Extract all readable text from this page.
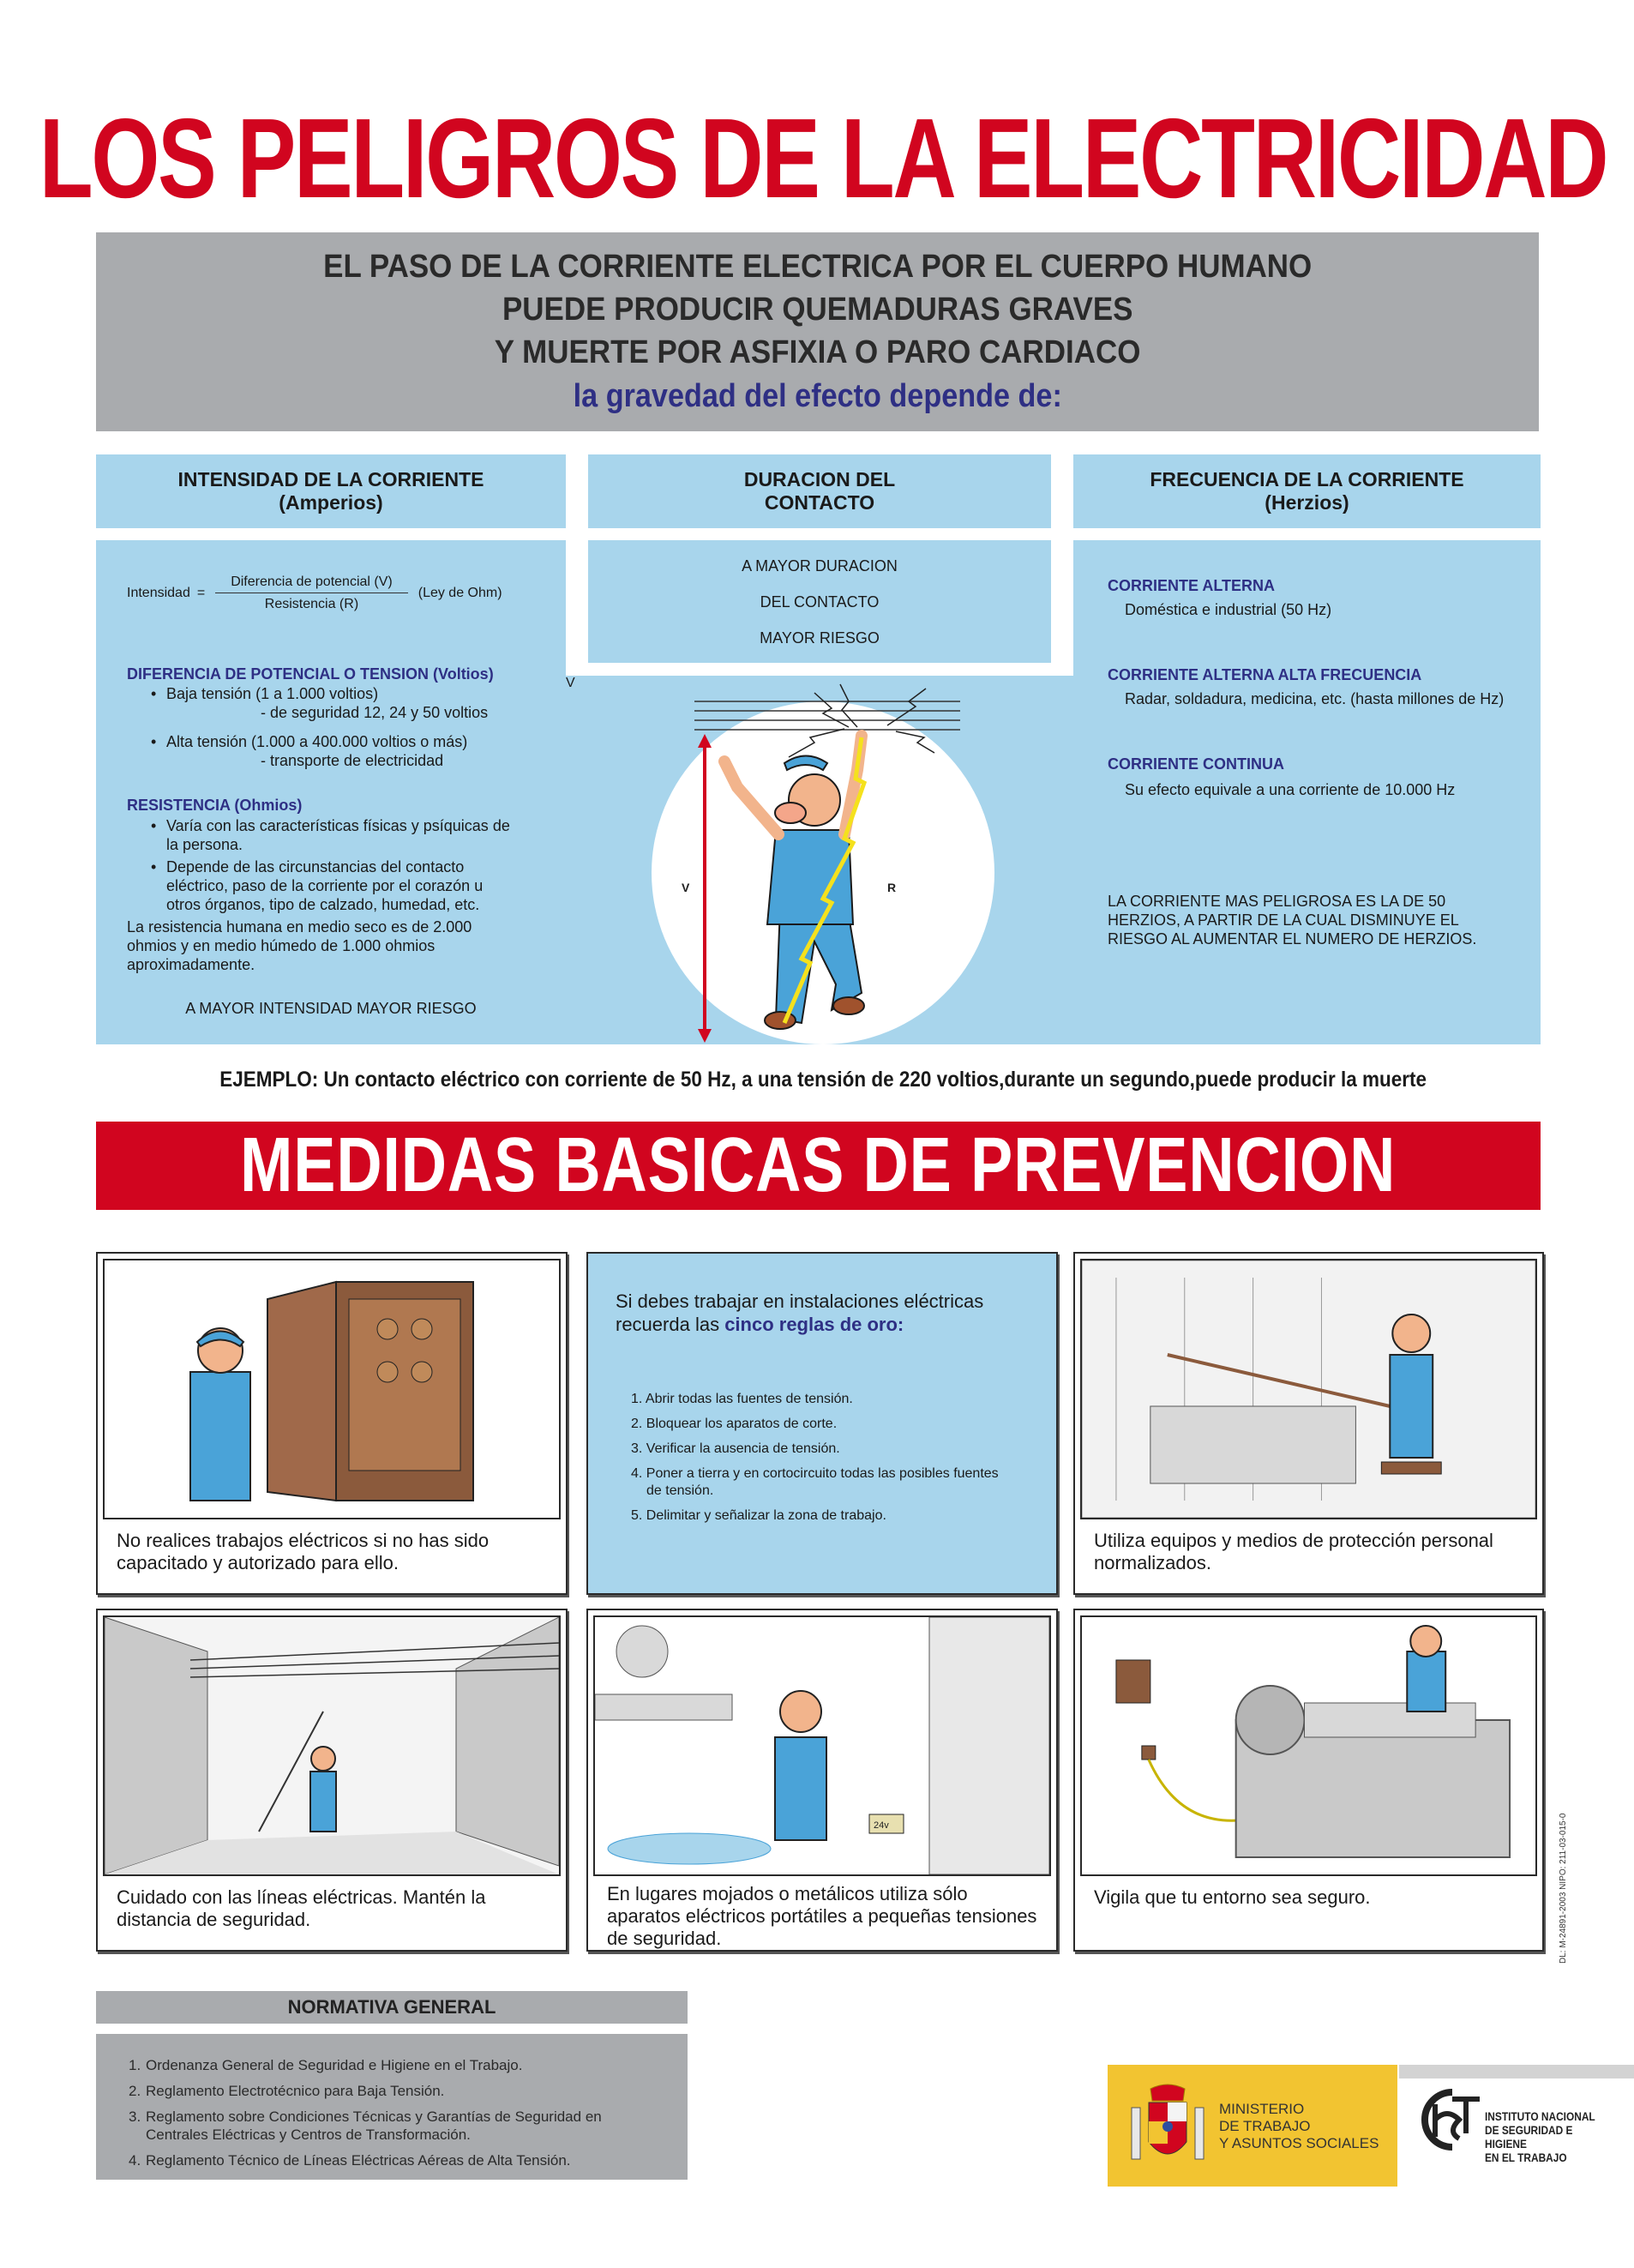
LOS PELIGROS DE LA ELECTRICIDAD
EL PASO DE LA CORRIENTE ELECTRICA POR EL CUERPO HUMANO
PUEDE PRODUCIR QUEMADURAS GRAVES
Y MUERTE POR ASFIXIA O PARO CARDIACO
la gravedad del efecto depende de:
INTENSIDAD DE LA CORRIENTE
(Amperios)
Intensidad = $\frac{\text{Diferencia de potencial (V)}}{\text{Resistencia (R)}} (Ley$ de Ohm)
DIFERENCIA DE POTENCIAL O TENSION (Voltios)
• Baja tensión (1 a 1.000 voltios)
- de seguridad 12, 24 y 50 voltios
• Alta tensión (1.000 a 400.000 voltios o más)
- transporte de electricidad
RESISTENCIA (Ohmios)
• Varía con las características físicas y psíquicas de la persona.
• Depende de las circunstancias del contacto eléctrico, paso de la corriente por el corazón u otros órganos, tipo de calzado, humedad, etc.
La resistencia humana en medio seco es de 2.000 ohmios y en medio húmedo de 1.000 ohmios aproximadamente.
A MAYOR INTENSIDAD MAYOR RIESGO
DURACION DEL
CONTACTO
A MAYOR DURACION
DEL CONTACTO
MAYOR RIESGO
V	R
V
FRECUENCIA DE LA CORRIENTE
(Herzios)
CORRIENTE ALTERNA
Doméstica e industrial (50 Hz)
CORRIENTE ALTERNA ALTA FRECUENCIA
Radar, soldadura, medicina, etc. (hasta millones de Hz)
CORRIENTE CONTINUA
Su efecto equivale a una corriente de 10.000 Hz
LA CORRIENTE MAS PELIGROSA ES LA DE 50 HERZIOS, A PARTIR DE LA CUAL DISMINUYE EL RIESGO AL AUMENTAR EL NUMERO DE HERZIOS.
EJEMPLO: Un contacto eléctrico con corriente de 50 Hz, a una tensión de 220 voltios,durante un segundo,puede producir la muerte
MEDIDAS BASICAS DE PREVENCION
No realices trabajos eléctricos si no has sido capacitado y autorizado para ello.
Si debes trabajar en instalaciones eléctricas recuerda las cinco reglas de oro:
1. Abrir todas las fuentes de tensión.
2. Bloquear los aparatos de corte.
3. Verificar la ausencia de tensión.
4. Poner a tierra y en cortocircuito todas las posibles fuentes de tensión.
5. Delimitar y señalizar la zona de trabajo.
Utiliza equipos y medios de protección personal normalizados.
Cuidado con las líneas eléctricas. Mantén la distancia de seguridad.
24v
En lugares mojados o metálicos utiliza sólo aparatos eléctricos portátiles a pequeñas tensiones de seguridad.
Vigila que tu entorno sea seguro.	DL: M-24891-2003 NIPO: 211-03-015-0
NORMATIVA GENERAL
1. Ordenanza General de Seguridad e Higiene en el Trabajo.
2. Reglamento Electrotécnico para Baja Tensión.
3. Reglamento sobre Condiciones Técnicas y Garantías de Seguridad en Centrales Eléctricas y Centros de Transformación.
4. Reglamento Técnico de Líneas Eléctricas Aéreas de Alta Tensión.
MINISTERIO
DE TRABAJO
Y ASUNTOS SOCIALES
INSTITUTO NACIONAL
DE SEGURIDAD E HIGIENE
EN EL TRABAJO
